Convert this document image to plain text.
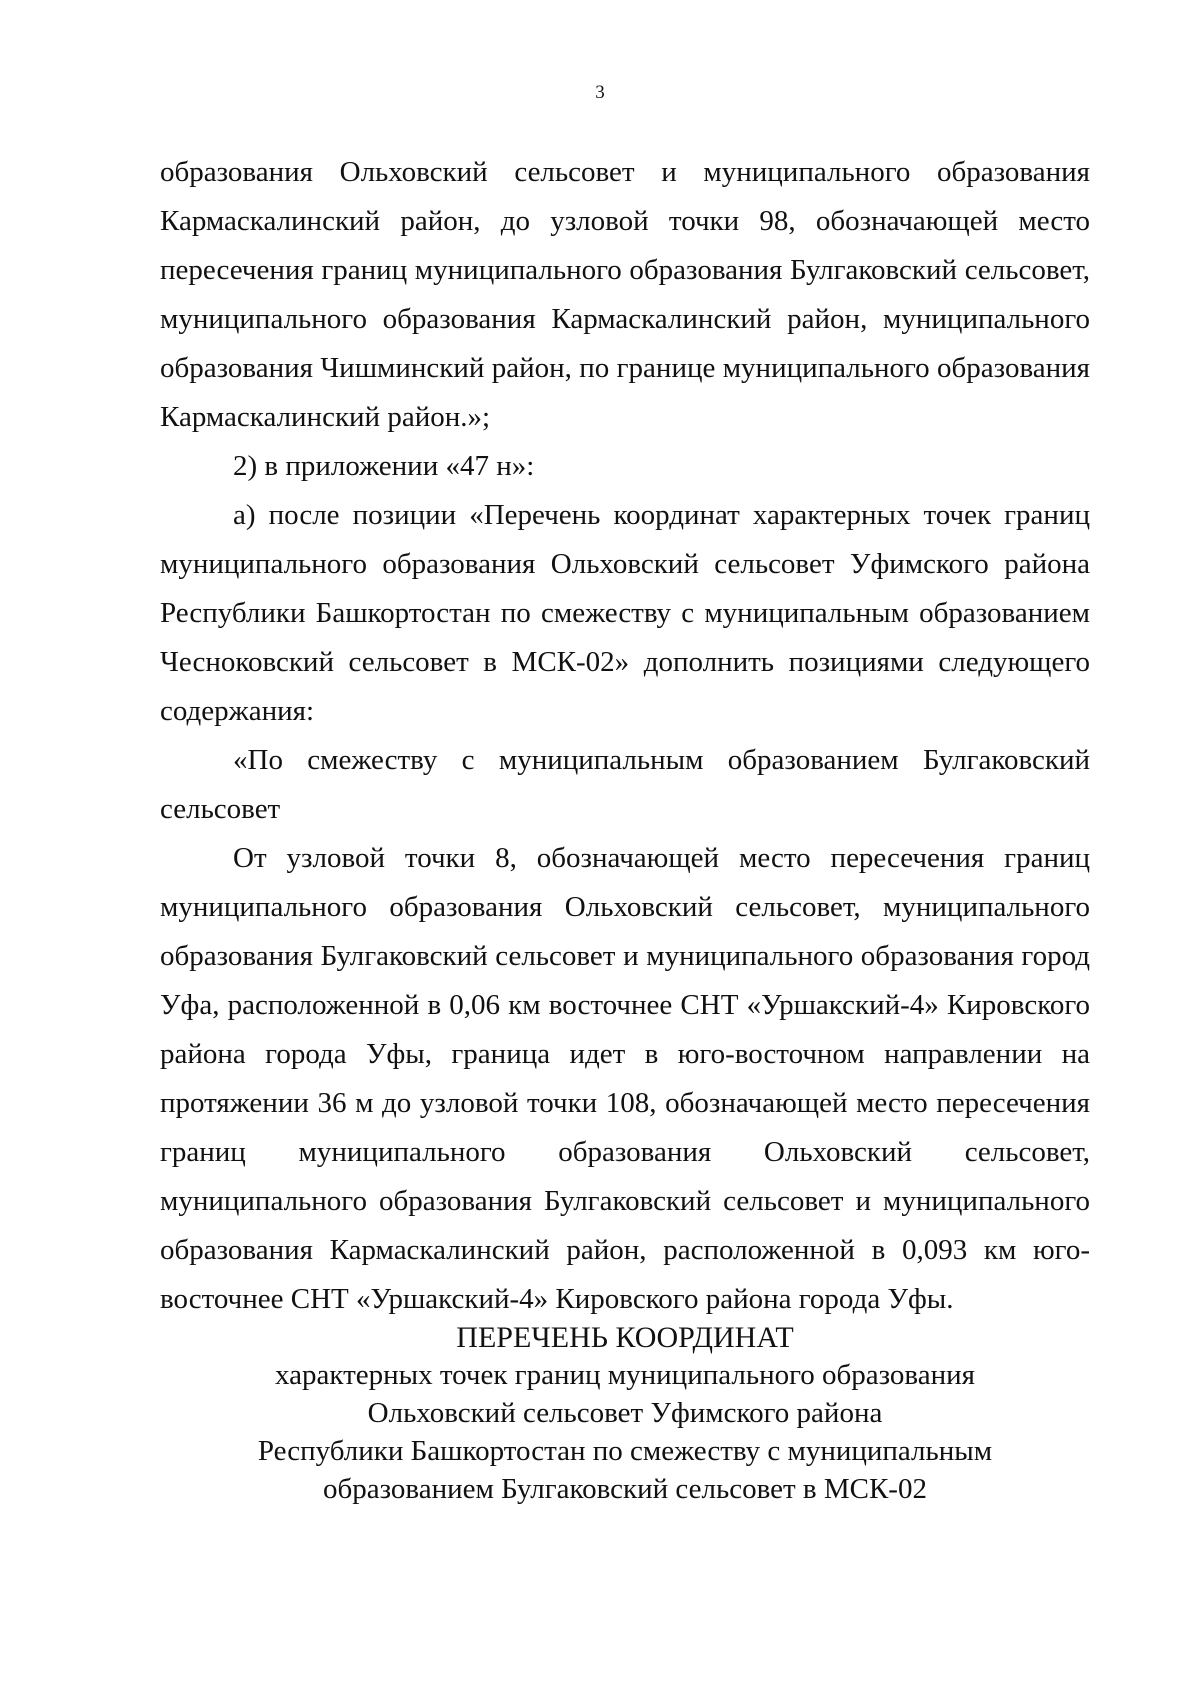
3

образования Ольховский сельсовет и муниципального образования Кармаскалинский район, до узловой точки 98, обозначающей место пересечения границ муниципального образования Булгаковский сельсовет, муниципального образования Кармаскалинский район, муниципального образования Чишминский район, по границе муниципального образования Кармаскалинский район.»;

2) в приложении «47 н»:

а) после позиции «Перечень координат характерных точек границ муниципального образования Ольховский сельсовет Уфимского района Республики Башкортостан по смежеству с муниципальным образованием Чесноковский сельсовет в МСК-02» дополнить позициями следующего содержания:

«По смежеству с муниципальным образованием Булгаковский сельсовет

От узловой точки 8, обозначающей место пересечения границ муниципального образования Ольховский сельсовет, муниципального образования Булгаковский сельсовет и муниципального образования город Уфа, расположенной в 0,06 км восточнее СНТ «Уршакский-4» Кировского района города Уфы, граница идет в юго-восточном направлении на протяжении 36 м до узловой точки 108, обозначающей место пересечения границ муниципального образования Ольховский сельсовет, муниципального образования Булгаковский сельсовет и муниципального образования Кармаскалинский район, расположенной в 0,093 км юго-восточнее СНТ «Уршакский-4» Кировского района города Уфы.

ПЕРЕЧЕНЬ КООРДИНАТ
характерных точек границ муниципального образования
Ольховский сельсовет Уфимского района
Республики Башкортостан по смежеству с муниципальным
образованием Булгаковский сельсовет в МСК-02
